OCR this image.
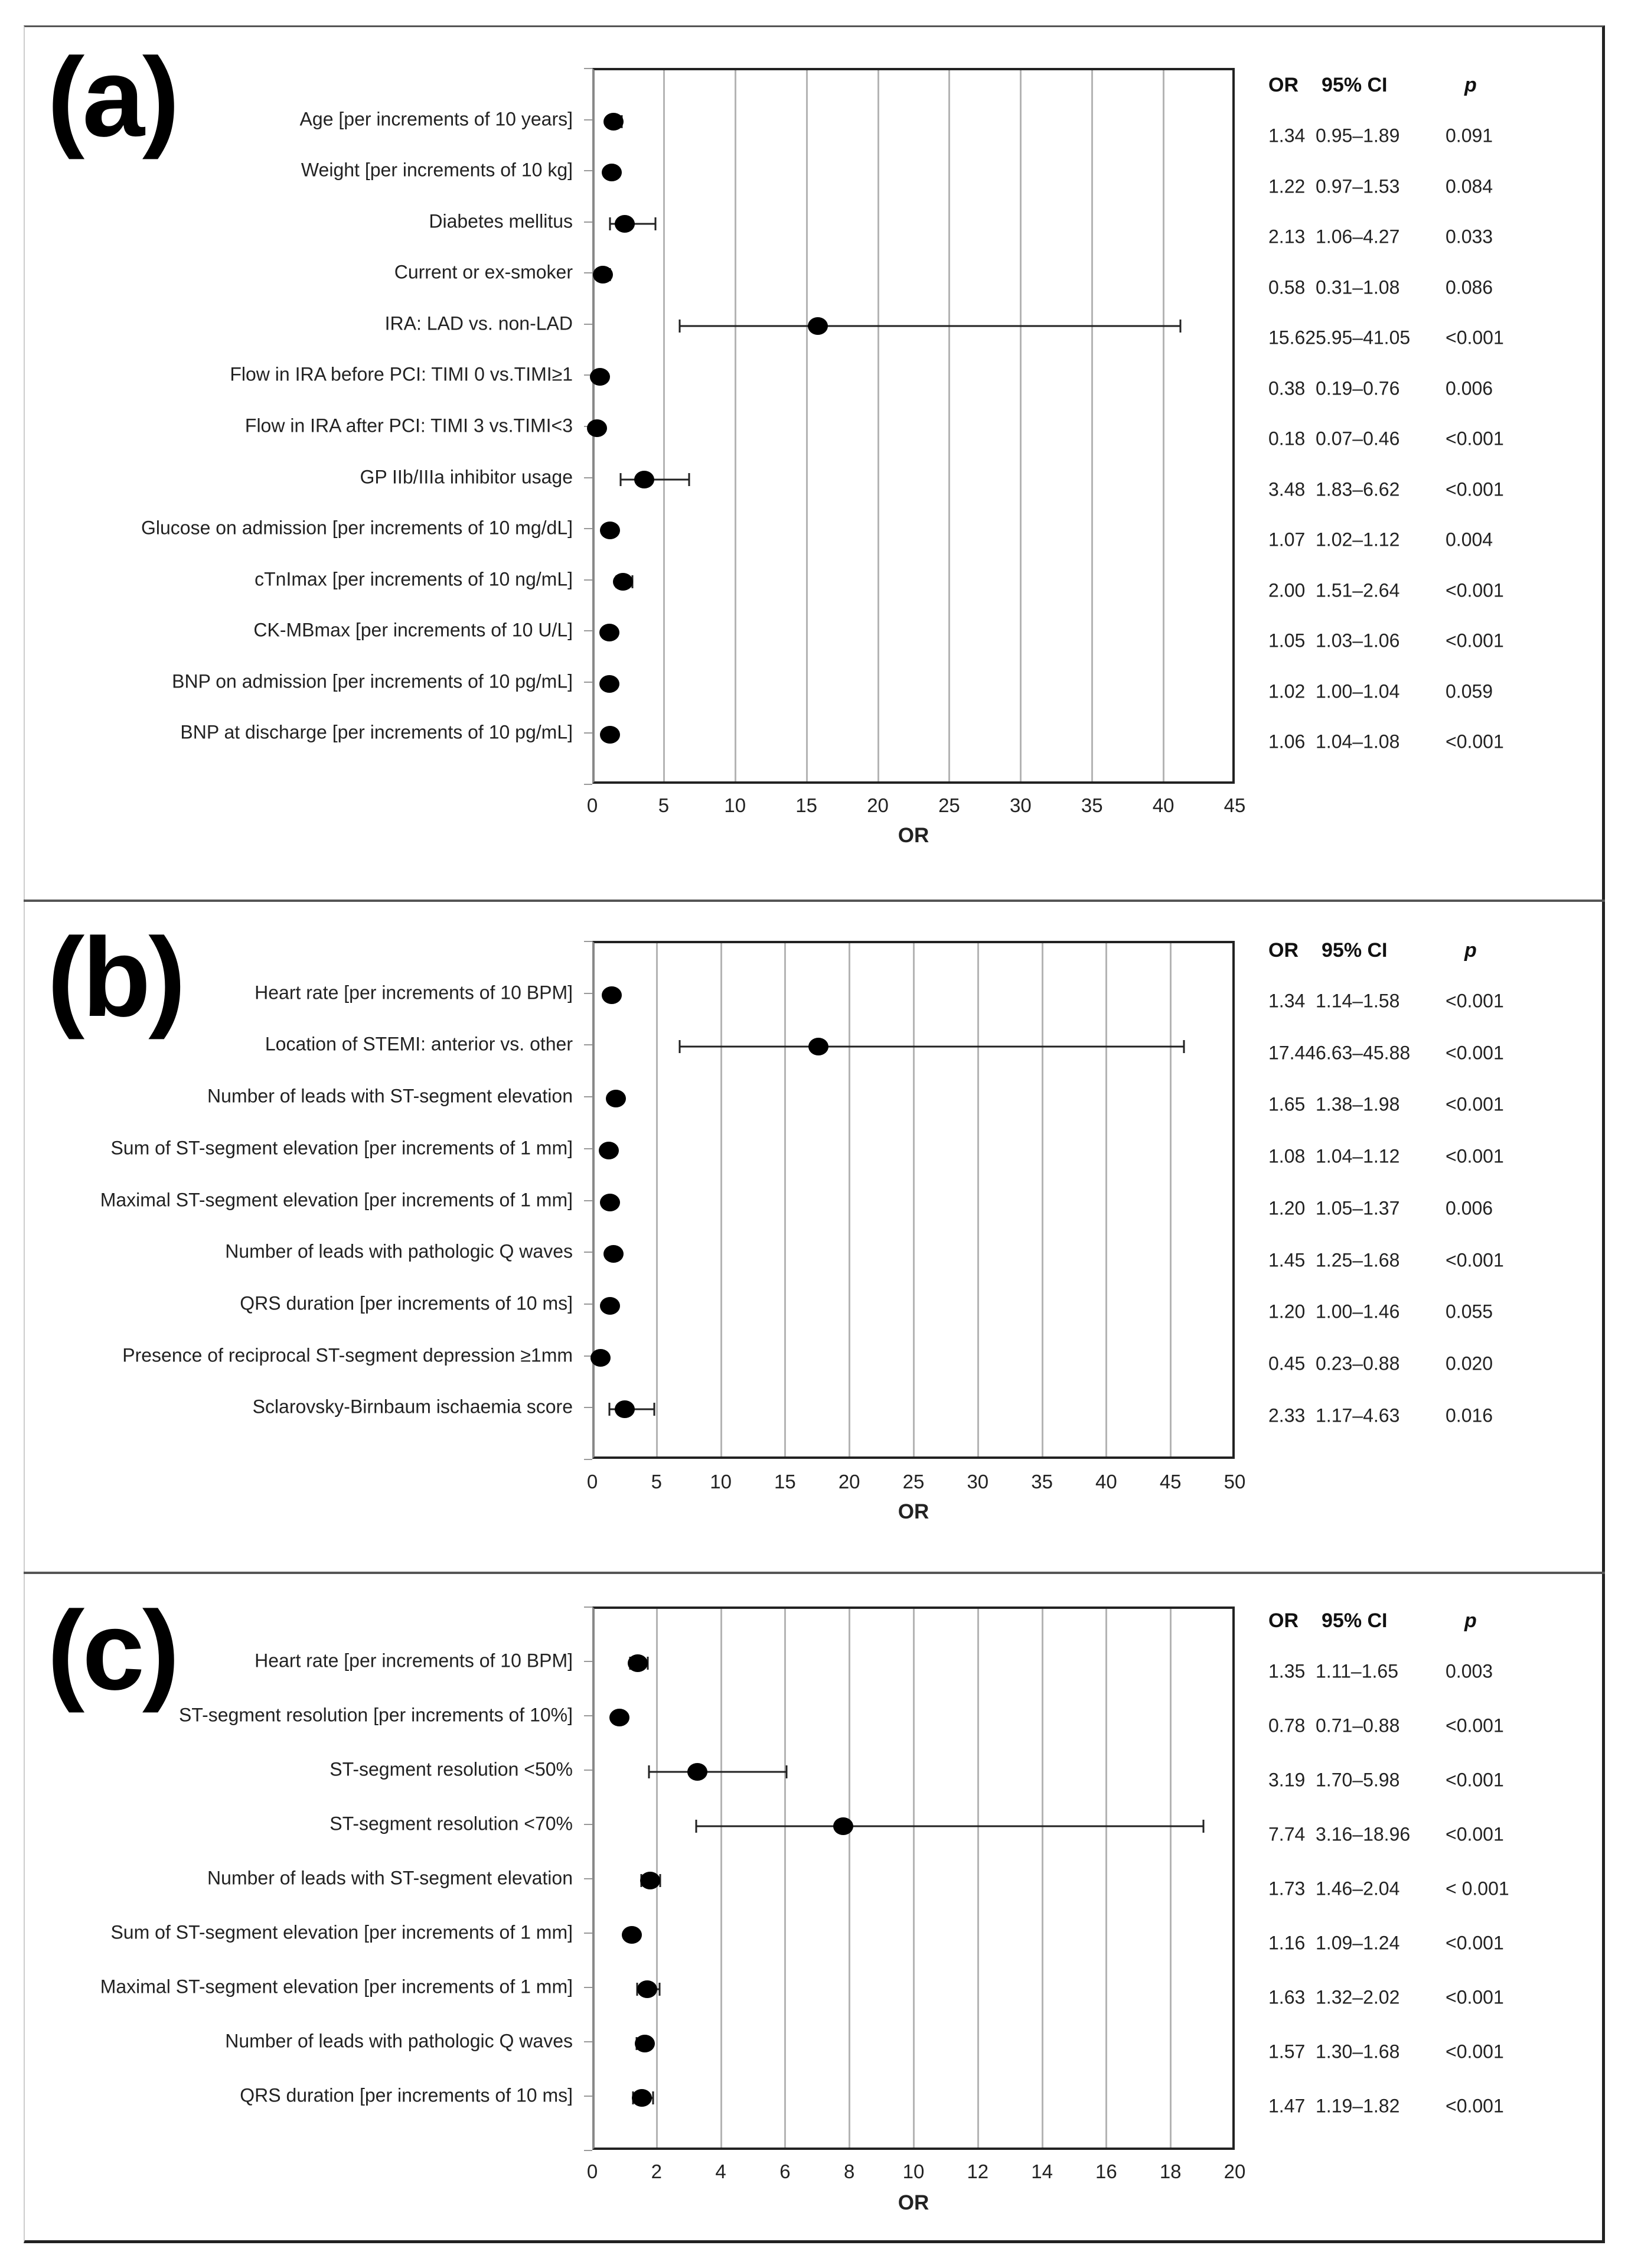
(a)
0	5	10	15	20	25	30	35	40	45
OR
OR 95% CI	p
Age [per increments of 10 years]
1.34 0.95–1.89 0.091
Weight [per increments of 10 kg]
1.22 0.97–1.53 0.084
Diabetes mellitus
2.13 1.06–4.27 0.033
Current or ex-smoker
0.58 0.31–1.08 0.086
IRA: LAD vs. non-LAD
15.62 5.95–41.05 <0.001
Flow in IRA before PCI: TIMI 0 vs.TIMI≥1
0.38 0.19–0.76 0.006
Flow in IRA after PCI: TIMI 3 vs.TIMI<3
0.18 0.07–0.46 <0.001
GP IIb/IIIa inhibitor usage
3.48 1.83–6.62 <0.001
Glucose on admission [per increments of 10 mg/dL]
1.07 1.02–1.12 0.004
cTnImax [per increments of 10 ng/mL]
2.00 1.51–2.64 <0.001
CK-MBmax [per increments of 10 U/L]	1.05 1.03–1.06 <0.001
BNP on admission [per increments of 10 pg/mL]	1.02 1.00–1.04 0.059
BNP at discharge [per increments of 10 pg/mL]	1.06 1.04–1.08 <0.001
(b)
0	5 10 15 20 25 30 35 40 45 50
OR
OR 95% CI	p
Heart rate [per increments of 10 BPM]	1.34 1.14–1.58 <0.001
Location of STEMI: anterior vs. other	17.44 6.63–45.88 <0.001
Number of leads with ST-segment elevation	1.65 1.38–1.98 <0.001
Sum of ST-segment elevation [per increments of 1 mm]	1.08 1.04–1.12 <0.001
Maximal ST-segment elevation [per increments of 1 mm]	1.20 1.05–1.37 0.006
Number of leads with pathologic Q waves	1.45 1.25–1.68 <0.001
QRS duration [per increments of 10 ms]	1.20 1.00–1.46 0.055
Presence of reciprocal ST-segment depression ≥1mm	0.45 0.23–0.88 0.020
Sclarovsky-Birnbaum ischaemia score	2.33 1.17–4.63 0.016
(c)
0	2	4	6	8 10 12 14 16 18 20
OR
OR 95% CI	p
Heart rate [per increments of 10 BPM]	1.35 1.11–1.65	0.003
ST-segment resolution [per increments of 10%]	0.78 0.71–0.88 <0.001
ST-segment resolution <50%	3.19 1.70–5.98 <0.001
ST-segment resolution <70%	7.74 3.16–18.96 <0.001
Number of leads with ST-segment elevation	1.73 1.46–2.04 < 0.001
Sum of ST-segment elevation [per increments of 1 mm]	1.16 1.09–1.24 <0.001
Maximal ST-segment elevation [per increments of 1 mm]	1.63 1.32–2.02 <0.001
Number of leads with pathologic Q waves	1.57 1.30–1.68 <0.001
QRS duration [per increments of 10 ms]	1.47 1.19–1.82 <0.001
